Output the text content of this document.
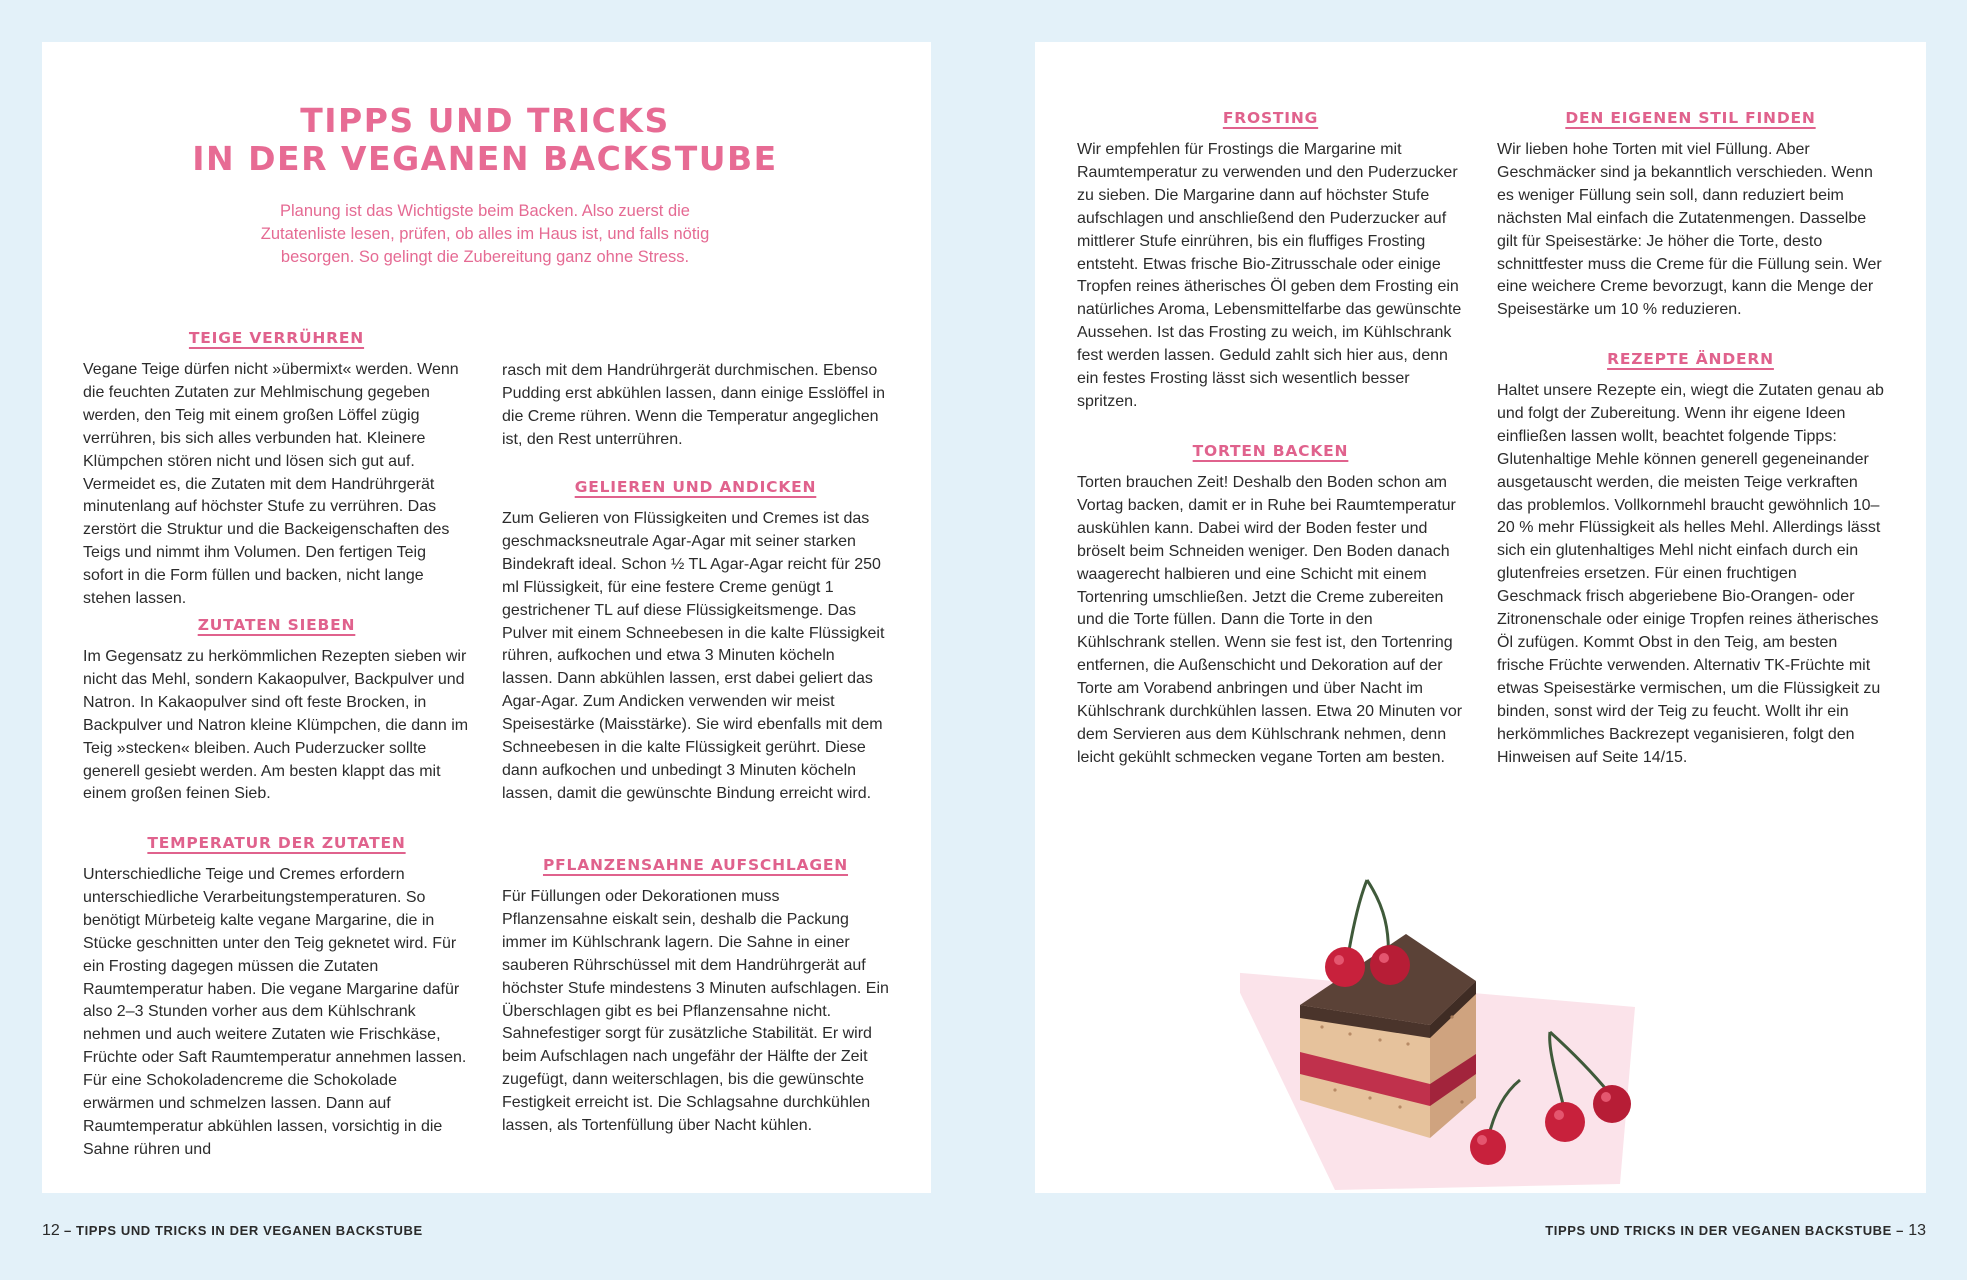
TIPPS UND TRICKS
IN DER VEGANEN BACKSTUBE

Planung ist das Wichtigste beim Backen. Also zuerst die Zutatenliste lesen, prüfen, ob alles im Haus ist, und falls nötig besorgen. So gelingt die Zubereitung ganz ohne Stress.

TEIGE VERRÜHREN

Vegane Teige dürfen nicht »übermixt« werden. Wenn die feuchten Zutaten zur Mehlmischung gegeben werden, den Teig mit einem großen Löffel zügig verrühren, bis sich alles verbunden hat. Kleinere Klümpchen stören nicht und lösen sich gut auf. Vermeidet es, die Zutaten mit dem Handrührgerät minutenlang auf höchster Stufe zu verrühren. Das zerstört die Struktur und die Backeigenschaften des Teigs und nimmt ihm Volumen. Den fertigen Teig sofort in die Form füllen und backen, nicht lange stehen lassen.

ZUTATEN SIEBEN

Im Gegensatz zu herkömmlichen Rezepten sieben wir nicht das Mehl, sondern Kakaopulver, Backpulver und Natron. In Kakaopulver sind oft feste Brocken, in Backpulver und Natron kleine Klümpchen, die dann im Teig »stecken« bleiben. Auch Puderzucker sollte generell gesiebt werden. Am besten klappt das mit einem großen feinen Sieb.

TEMPERATUR DER ZUTATEN

Unterschiedliche Teige und Cremes erfordern unterschiedliche Verarbeitungstemperaturen. So benötigt Mürbeteig kalte vegane Margarine, die in Stücke geschnitten unter den Teig geknetet wird. Für ein Frosting dagegen müssen die Zutaten Raumtemperatur haben. Die vegane Margarine dafür also 2–3 Stunden vorher aus dem Kühlschrank nehmen und auch weitere Zutaten wie Frischkäse, Früchte oder Saft Raumtemperatur annehmen lassen. Für eine Schokoladencreme die Schokolade erwärmen und schmelzen lassen. Dann auf Raumtemperatur abkühlen lassen, vorsichtig in die Sahne rühren und

rasch mit dem Handrührgerät durchmischen. Ebenso Pudding erst abkühlen lassen, dann einige Esslöffel in die Creme rühren. Wenn die Temperatur angeglichen ist, den Rest unterrühren.

GELIEREN UND ANDICKEN

Zum Gelieren von Flüssigkeiten und Cremes ist das geschmacksneutrale Agar-Agar mit seiner starken Bindekraft ideal. Schon ½ TL Agar-Agar reicht für 250 ml Flüssigkeit, für eine festere Creme genügt 1 gestrichener TL auf diese Flüssigkeitsmenge. Das Pulver mit einem Schneebesen in die kalte Flüssigkeit rühren, aufkochen und etwa 3 Minuten köcheln lassen. Dann abkühlen lassen, erst dabei geliert das Agar-Agar. Zum Andicken verwenden wir meist Speisestärke (Maisstärke). Sie wird ebenfalls mit dem Schneebesen in die kalte Flüssigkeit gerührt. Diese dann aufkochen und unbedingt 3 Minuten köcheln lassen, damit die gewünschte Bindung erreicht wird.

PFLANZENSAHNE AUFSCHLAGEN

Für Füllungen oder Dekorationen muss Pflanzensahne eiskalt sein, deshalb die Packung immer im Kühlschrank lagern. Die Sahne in einer sauberen Rührschüssel mit dem Handrührgerät auf höchster Stufe mindestens 3 Minuten aufschlagen. Ein Überschlagen gibt es bei Pflanzensahne nicht. Sahnefestiger sorgt für zusätzliche Stabilität. Er wird beim Aufschlagen nach ungefähr der Hälfte der Zeit zugefügt, dann weiterschlagen, bis die gewünschte Festigkeit erreicht ist. Die Schlagsahne durchkühlen lassen, als Tortenfüllung über Nacht kühlen.

FROSTING

Wir empfehlen für Frostings die Margarine mit Raumtemperatur zu verwenden und den Puderzucker zu sieben. Die Margarine dann auf höchster Stufe aufschlagen und anschließend den Puderzucker auf mittlerer Stufe einrühren, bis ein fluffiges Frosting entsteht. Etwas frische Bio-Zitrusschale oder einige Tropfen reines ätherisches Öl geben dem Frosting ein natürliches Aroma, Lebensmittelfarbe das gewünschte Aussehen. Ist das Frosting zu weich, im Kühlschrank fest werden lassen. Geduld zahlt sich hier aus, denn ein festes Frosting lässt sich wesentlich besser spritzen.

TORTEN BACKEN

Torten brauchen Zeit! Deshalb den Boden schon am Vortag backen, damit er in Ruhe bei Raumtemperatur auskühlen kann. Dabei wird der Boden fester und bröselt beim Schneiden weniger. Den Boden danach waagerecht halbieren und eine Schicht mit einem Tortenring umschließen. Jetzt die Creme zubereiten und die Torte füllen. Dann die Torte in den Kühlschrank stellen. Wenn sie fest ist, den Tortenring entfernen, die Außenschicht und Dekoration auf der Torte am Vorabend anbringen und über Nacht im Kühlschrank durchkühlen lassen. Etwa 20 Minuten vor dem Servieren aus dem Kühlschrank nehmen, denn leicht gekühlt schmecken vegane Torten am besten.

DEN EIGENEN STIL FINDEN

Wir lieben hohe Torten mit viel Füllung. Aber Geschmäcker sind ja bekanntlich verschieden. Wenn es weniger Füllung sein soll, dann reduziert beim nächsten Mal einfach die Zutatenmengen. Dasselbe gilt für Speisestärke: Je höher die Torte, desto schnittfester muss die Creme für die Füllung sein. Wer eine weichere Creme bevorzugt, kann die Menge der Speisestärke um 10 % reduzieren.

REZEPTE ÄNDERN

Haltet unsere Rezepte ein, wiegt die Zutaten genau ab und folgt der Zubereitung. Wenn ihr eigene Ideen einfließen lassen wollt, beachtet folgende Tipps: Glutenhaltige Mehle können generell gegeneinander ausgetauscht werden, die meisten Teige verkraften das problemlos. Vollkornmehl braucht gewöhnlich 10–20 % mehr Flüssigkeit als helles Mehl. Allerdings lässt sich ein glutenhaltiges Mehl nicht einfach durch ein glutenfreies ersetzen. Für einen fruchtigen Geschmack frisch abgeriebene Bio-Orangen- oder Zitronenschale oder einige Tropfen reines ätherisches Öl zufügen. Kommt Obst in den Teig, am besten frische Früchte verwenden. Alternativ TK-Früchte mit etwas Speisestärke vermischen, um die Flüssigkeit zu binden, sonst wird der Teig zu feucht. Wollt ihr ein herkömmliches Backrezept veganisieren, folgt den Hinweisen auf Seite 14/15.

12 – TIPPS UND TRICKS IN DER VEGANEN BACKSTUBE	TIPPS UND TRICKS IN DER VEGANEN BACKSTUBE – 13
